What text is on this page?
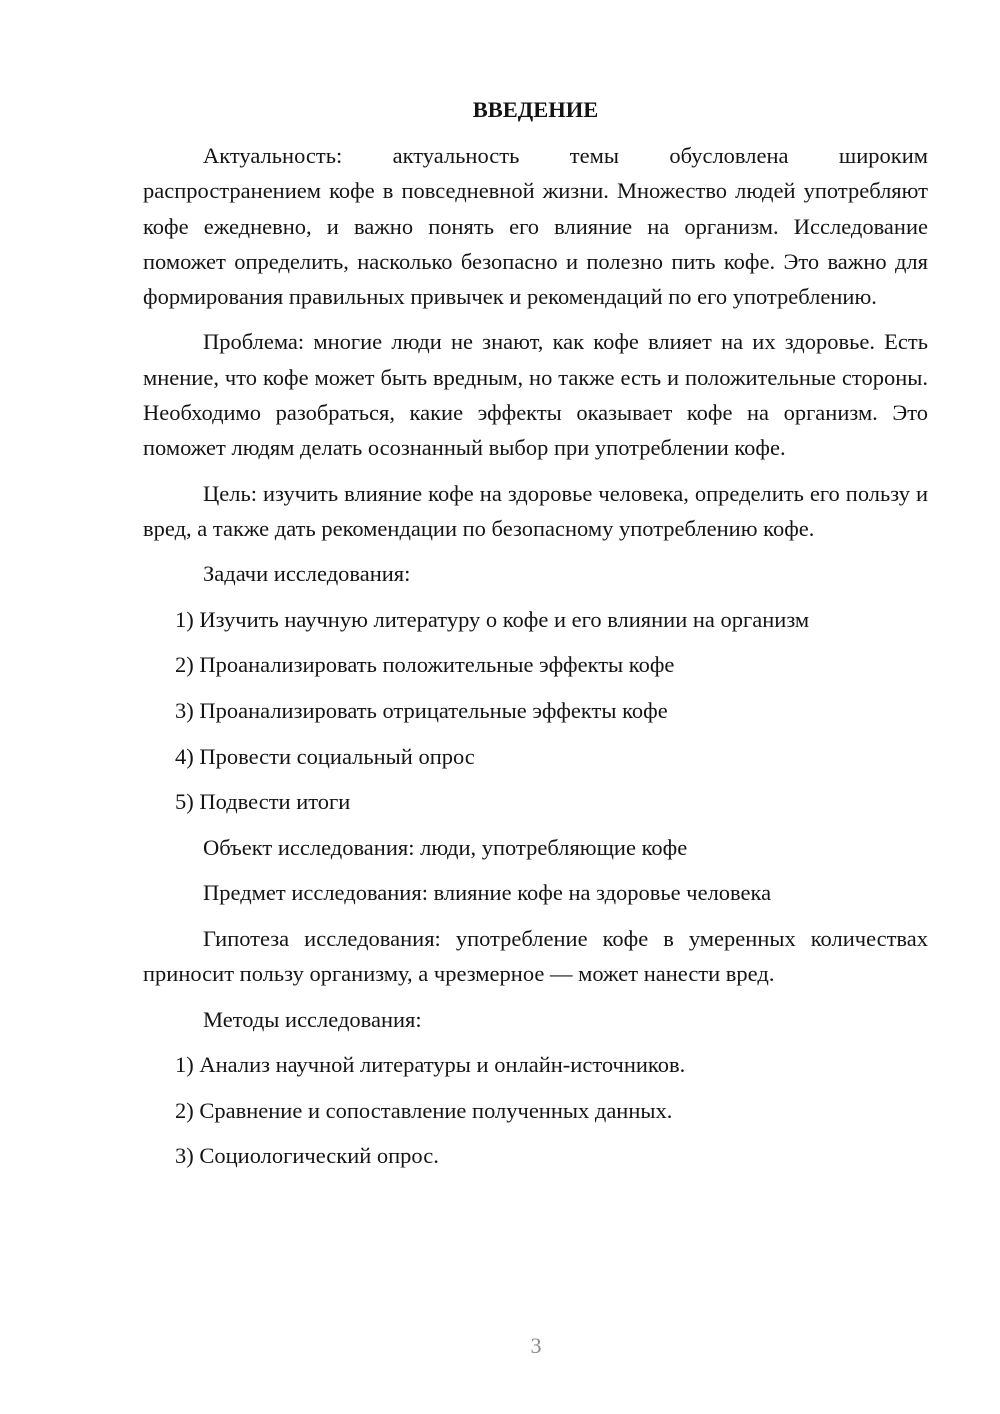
ВВЕДЕНИЕ

Актуальность: актуальность темы обусловлена широким распространением кофе в повседневной жизни. Множество людей употребляют кофе ежедневно, и важно понять его влияние на организм. Исследование поможет определить, насколько безопасно и полезно пить кофе. Это важно для формирования правильных привычек и рекомендаций по его употреблению.

Проблема: многие люди не знают, как кофе влияет на их здоровье. Есть мнение, что кофе может быть вредным, но также есть и положительные стороны. Необходимо разобраться, какие эффекты оказывает кофе на организм. Это поможет людям делать осознанный выбор при употреблении кофе.

Цель: изучить влияние кофе на здоровье человека, определить его пользу и вред, а также дать рекомендации по безопасному употреблению кофе.

Задачи исследования:

1) Изучить научную литературу о кофе и его влиянии на организм
2) Проанализировать положительные эффекты кофе
3) Проанализировать отрицательные эффекты кофе
4) Провести социальный опрос
5) Подвести итоги

Объект исследования: люди, употребляющие кофе

Предмет исследования: влияние кофе на здоровье человека

Гипотеза исследования: употребление кофе в умеренных количествах приносит пользу организму, а чрезмерное — может нанести вред.

Методы исследования:

1) Анализ научной литературы и онлайн-источников.
2) Сравнение и сопоставление полученных данных.
3) Социологический опрос.
3
